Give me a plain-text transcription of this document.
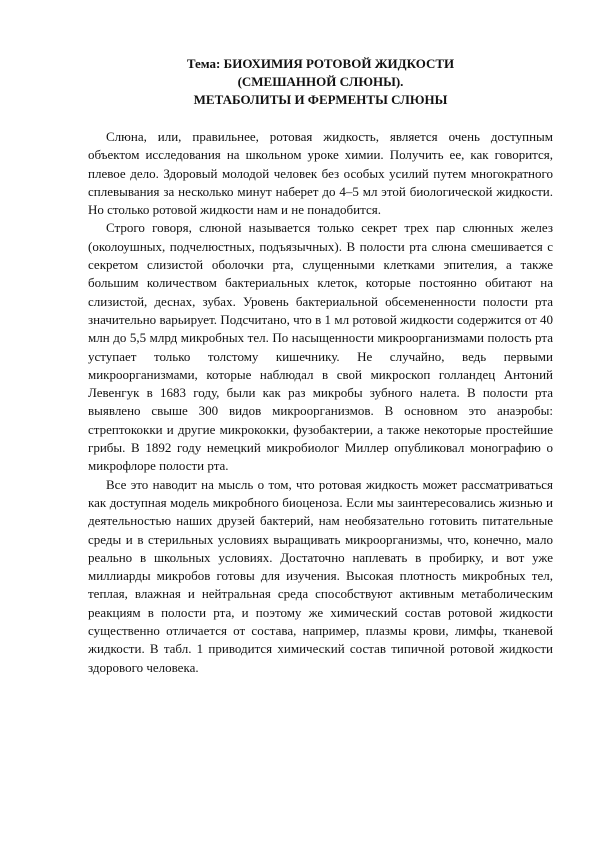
Тема: БИОХИМИЯ РОТОВОЙ ЖИДКОСТИ
(СМЕШАННОЙ СЛЮНЫ).
МЕТАБОЛИТЫ И ФЕРМЕНТЫ СЛЮНЫ

Слюна, или, правильнее, ротовая жидкость, является очень доступным объектом исследования на школьном уроке химии. Получить ее, как говорится, плевое дело. Здоровый молодой человек без особых усилий путем многократного сплевывания за несколько минут наберет до 4–5 мл этой биологической жидкости. Но столько ротовой жидкости нам и не понадобится.

Строго говоря, слюной называется только секрет трех пар слюнных желез (околоушных, подчелюстных, подъязычных). В полости рта слюна смешивается с секретом слизистой оболочки рта, слущенными клетками эпителия, а также большим количеством бактериальных клеток, которые постоянно обитают на слизистой, деснах, зубах. Уровень бактериальной обсемененности полости рта значительно варьирует. Подсчитано, что в 1 мл ротовой жидкости содержится от 40 млн до 5,5 млрд микробных тел. По насыщенности микроорганизмами полость рта уступает только толстому кишечнику. Не случайно, ведь первыми микроорганизмами, которые наблюдал в свой микроскоп голландец Антоний Левенгук в 1683 году, были как раз микробы зубного налета. В полости рта выявлено свыше 300 видов микроорганизмов. В основном это анаэробы: стрептококки и другие микрококки, фузобактерии, а также некоторые простейшие грибы. В 1892 году немецкий микробиолог Миллер опубликовал монографию о микрофлоре полости рта.

Все это наводит на мысль о том, что ротовая жидкость может рассматриваться как доступная модель микробного биоценоза. Если мы заинтересовались жизнью и деятельностью наших друзей бактерий, нам необязательно готовить питательные среды и в стерильных условиях выращивать микроорганизмы, что, конечно, мало реально в школьных условиях. Достаточно наплевать в пробирку, и вот уже миллиарды микробов готовы для изучения. Высокая плотность микробных тел, теплая, влажная и нейтральная среда способствуют активным метаболическим реакциям в полости рта, и поэтому же химический состав ротовой жидкости существенно отличается от состава, например, плазмы крови, лимфы, тканевой жидкости. В табл. 1 приводится химический состав типичной ротовой жидкости здорового человека.
